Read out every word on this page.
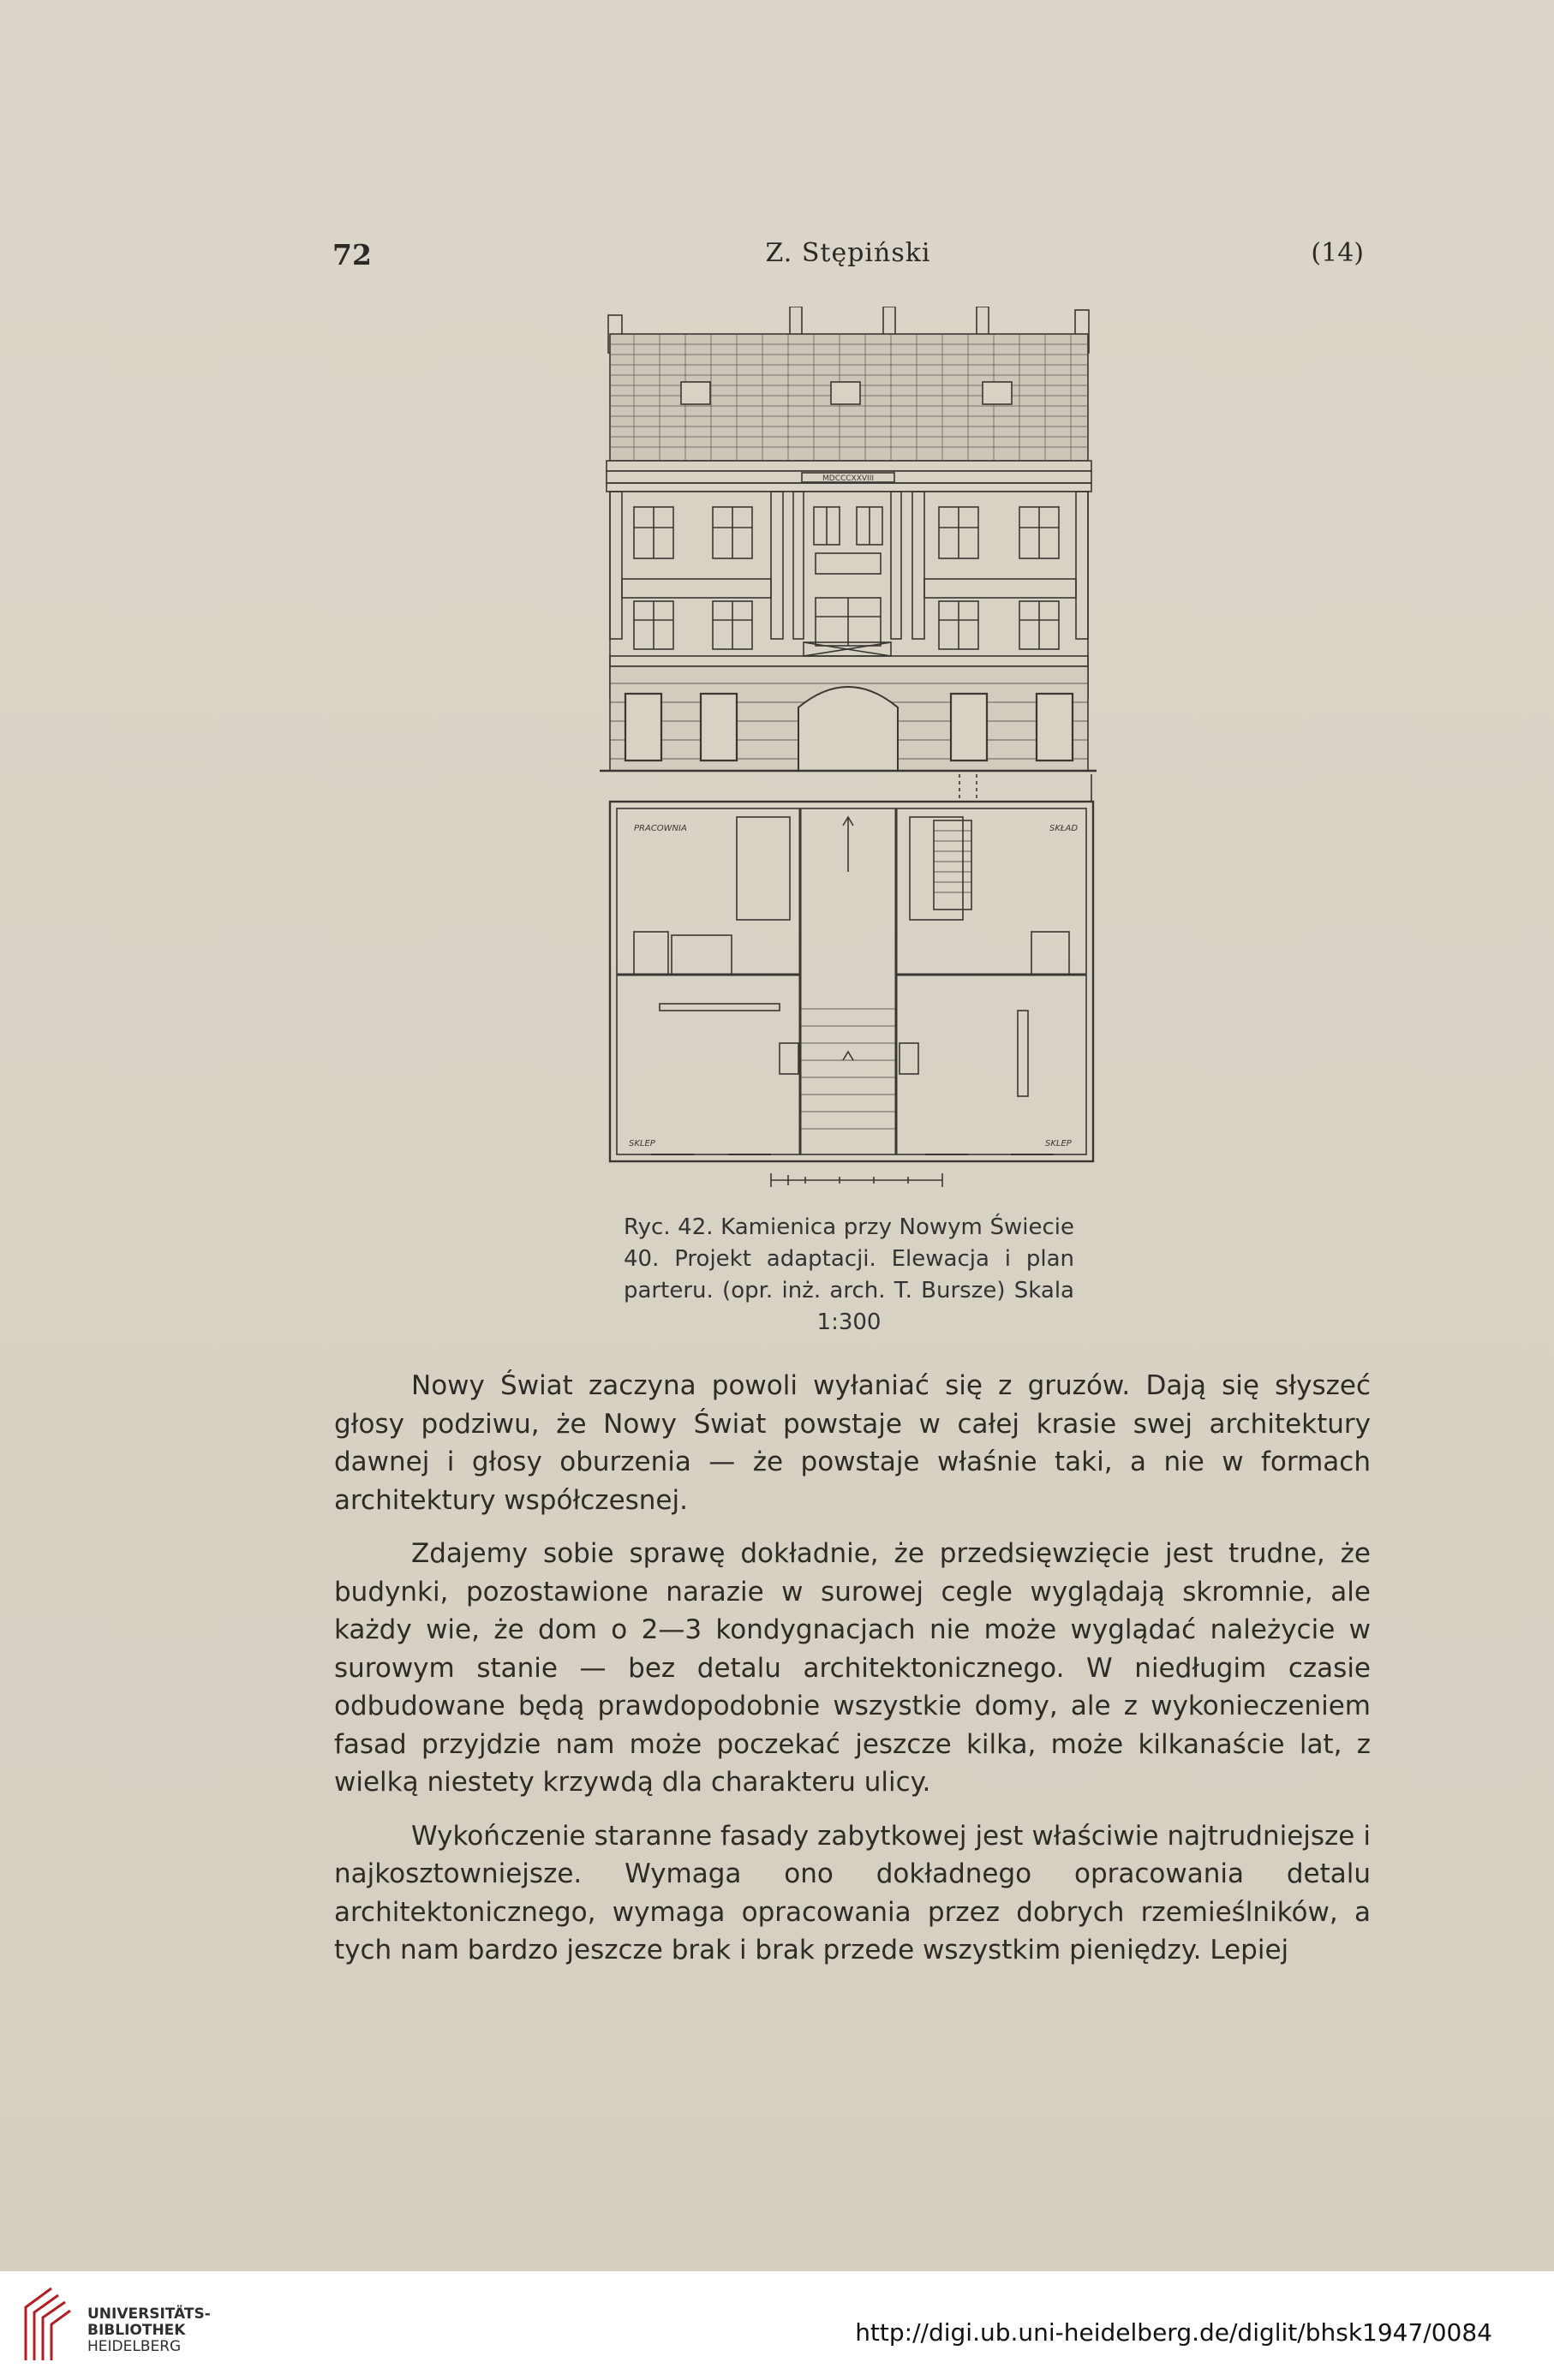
72	Z. Stępiński	(14)
MDCCCXXVIII
PRACOWNIA	SKŁAD
SKLEP	SKLEP
Ryc. 42. Kamienica przy Nowym Świecie 40. Projekt adaptacji. Elewacja i plan parteru. (opr. inż. arch. T. Bursze) Skala 1:300

Nowy Świat zaczyna powoli wyłaniać się z gruzów. Dają się słyszeć głosy podziwu, że Nowy Świat powstaje w całej krasie swej architektury dawnej i głosy oburzenia — że powstaje właśnie taki, a nie w formach architektury współczesnej.

Zdajemy sobie sprawę dokładnie, że przedsięwzięcie jest trudne, że budynki, pozostawione narazie w surowej cegle wyglądają skromnie, ale każdy wie, że dom o 2—3 kondygnacjach nie może wyglądać należycie w surowym stanie — bez detalu architektonicznego. W niedługim czasie odbudowane będą prawdopodobnie wszystkie domy, ale z wykonieczeniem fasad przyjdzie nam może poczekać jeszcze kilka, może kilkanaście lat, z wielką niestety krzywdą dla charakteru ulicy.

Wykończenie staranne fasady zabytkowej jest właściwie najtrudniejsze i najkosztowniejsze. Wymaga ono dokładnego opracowania detalu architektonicznego, wymaga opracowania przez dobrych rzemieślników, a tych nam bardzo jeszcze brak i brak przede wszystkim pieniędzy. Lepiej

UNIVERSITÄTS-
BIBLIOTHEK
HEIDELBERG	http://digi.ub.uni-heidelberg.de/diglit/bhsk1947/0084
